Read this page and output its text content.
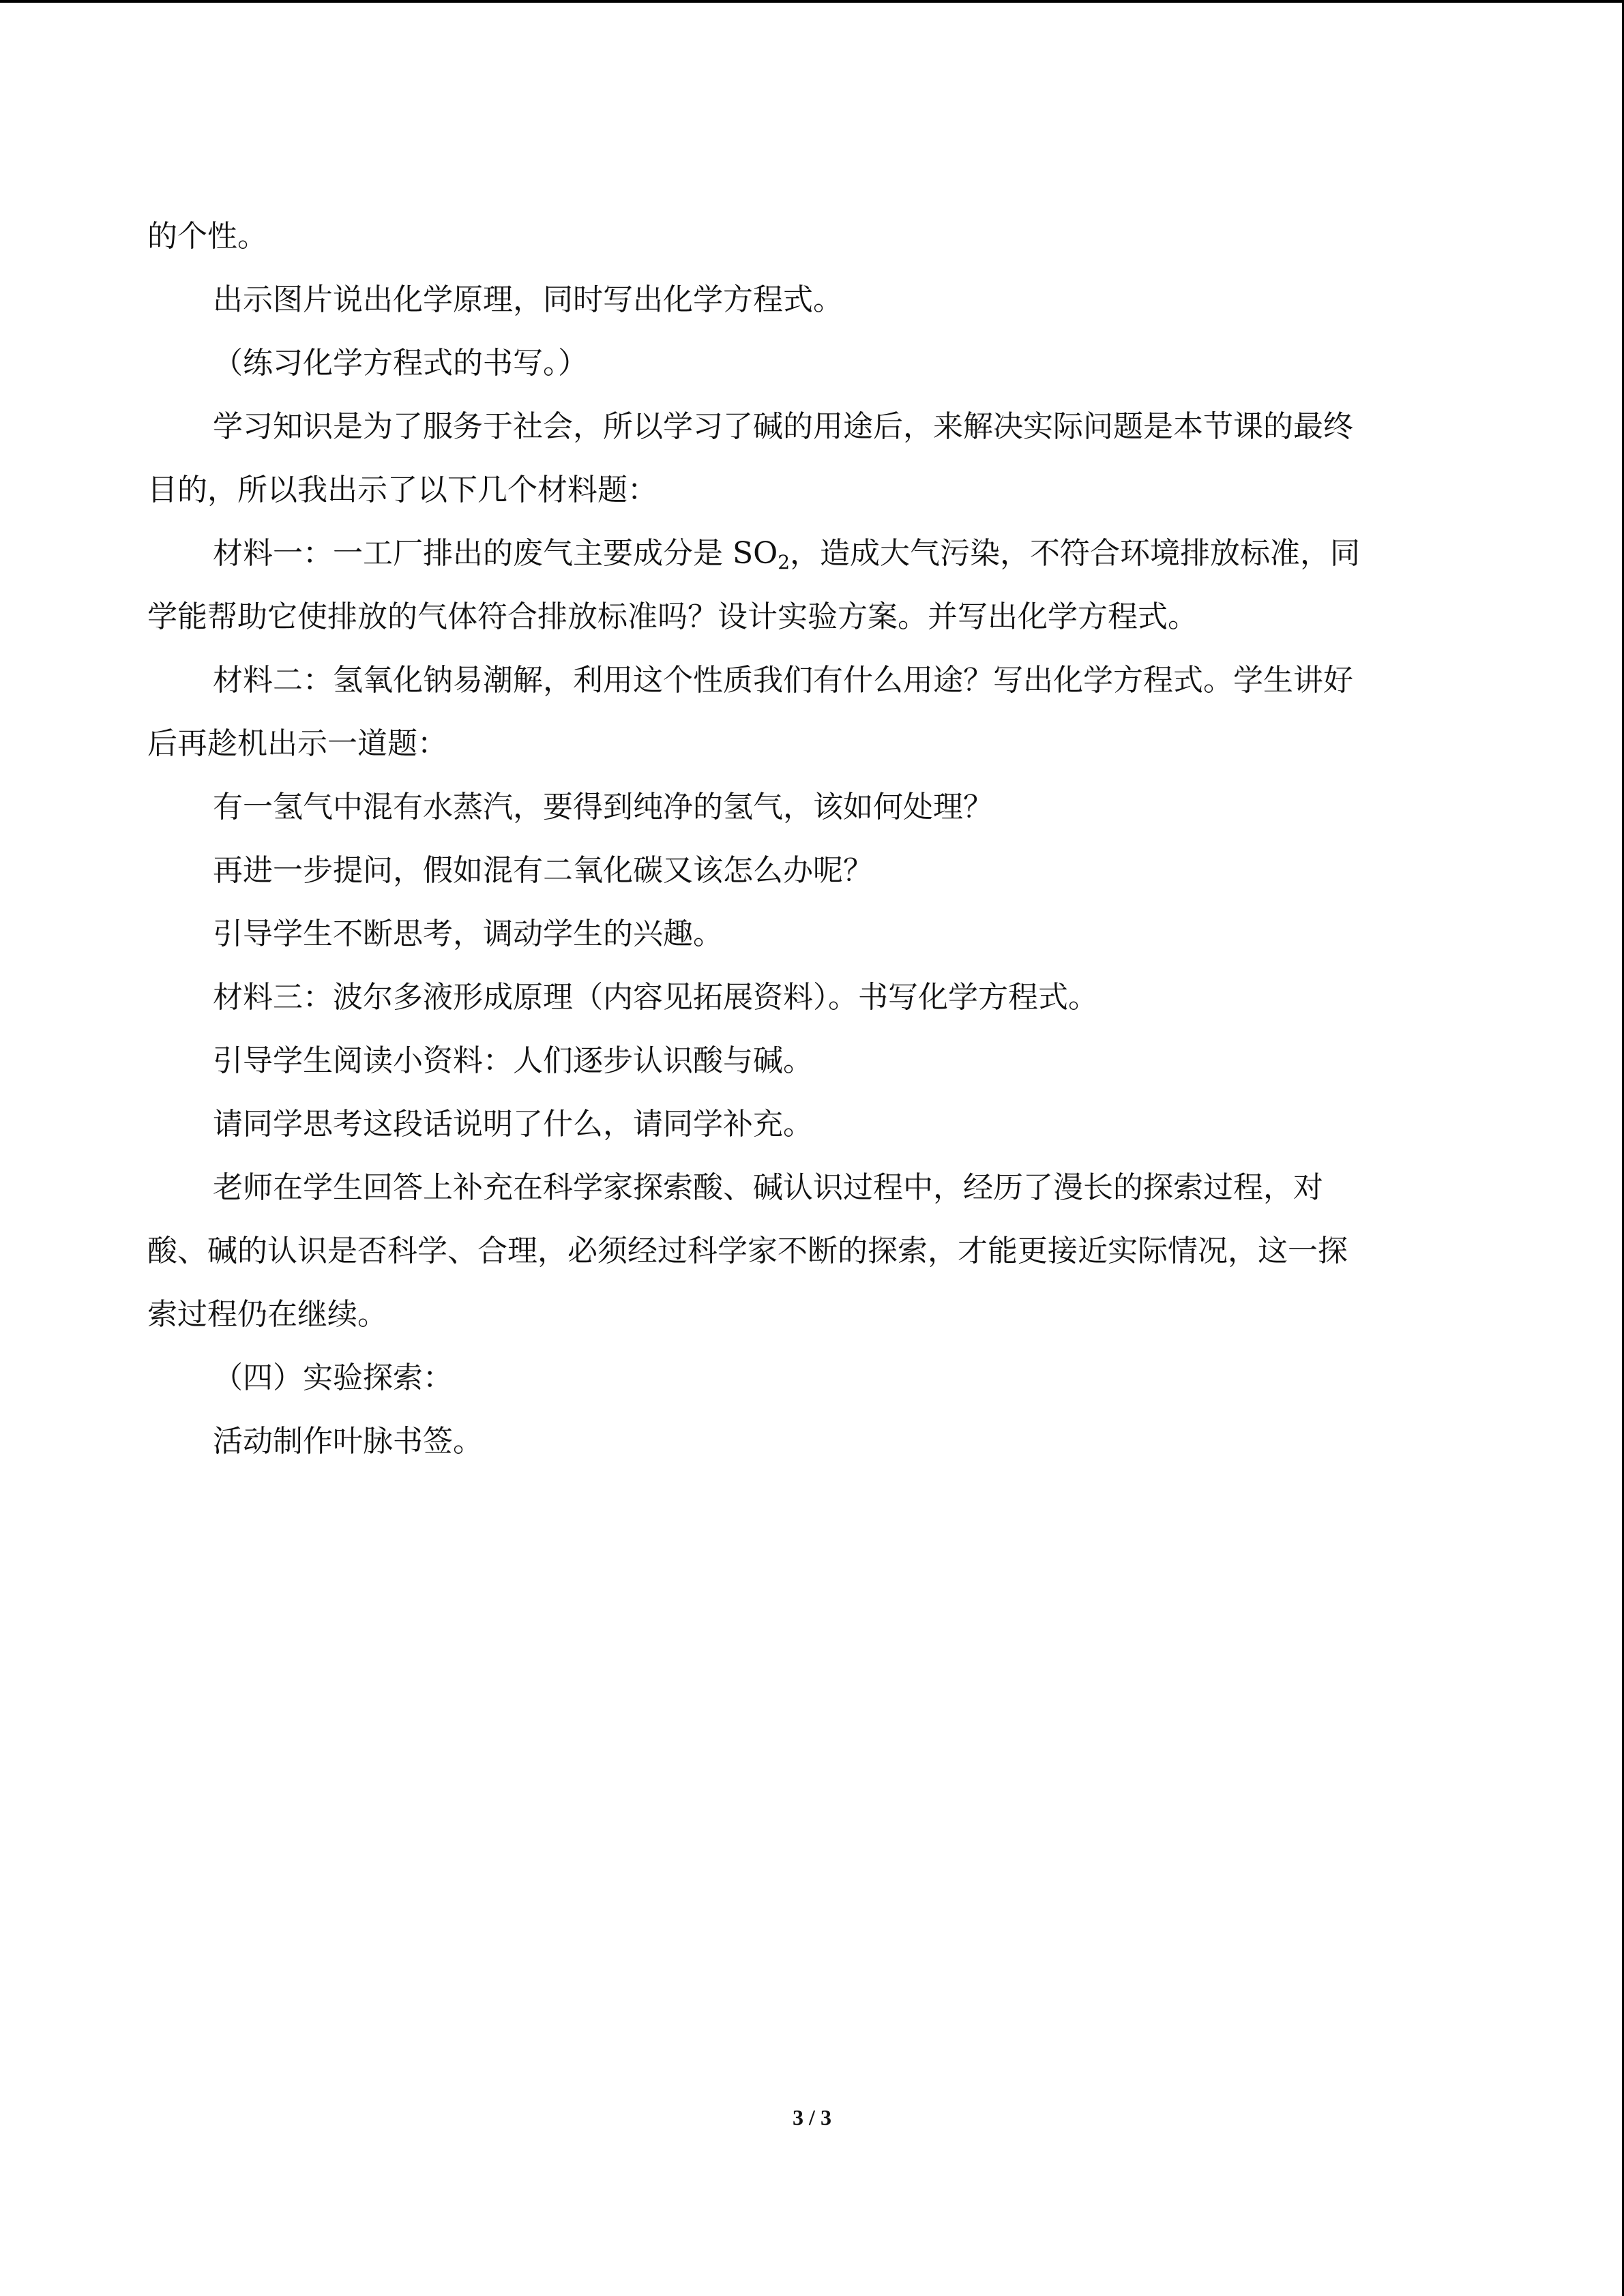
的个性。

出示图片说出化学原理，同时写出化学方程式。

（练习化学方程式的书写。）

学习知识是为了服务于社会，所以学习了碱的用途后，来解决实际问题是本节课的最终

目的，所以我出示了以下几个材料题：

材料一：一工厂排出的废气主要成分是 $SO_2$，造成大气污染，不符合环境排放标准，同

学能帮助它使排放的气体符合排放标准吗？设计实验方案。并写出化学方程式。

材料二：氢氧化钠易潮解，利用这个性质我们有什么用途？写出化学方程式。学生讲好

后再趁机出示一道题：

有一氢气中混有水蒸汽，要得到纯净的氢气，该如何处理？

再进一步提问，假如混有二氧化碳又该怎么办呢？

引导学生不断思考，调动学生的兴趣。

材料三：波尔多液形成原理（内容见拓展资料）。书写化学方程式。

引导学生阅读小资料：人们逐步认识酸与碱。

请同学思考这段话说明了什么，请同学补充。

老师在学生回答上补充在科学家探索酸、碱认识过程中，经历了漫长的探索过程，对

酸、碱的认识是否科学、合理，必须经过科学家不断的探索，才能更接近实际情况，这一探

索过程仍在继续。

（四）实验探索：

活动制作叶脉书签。

3 / 3
